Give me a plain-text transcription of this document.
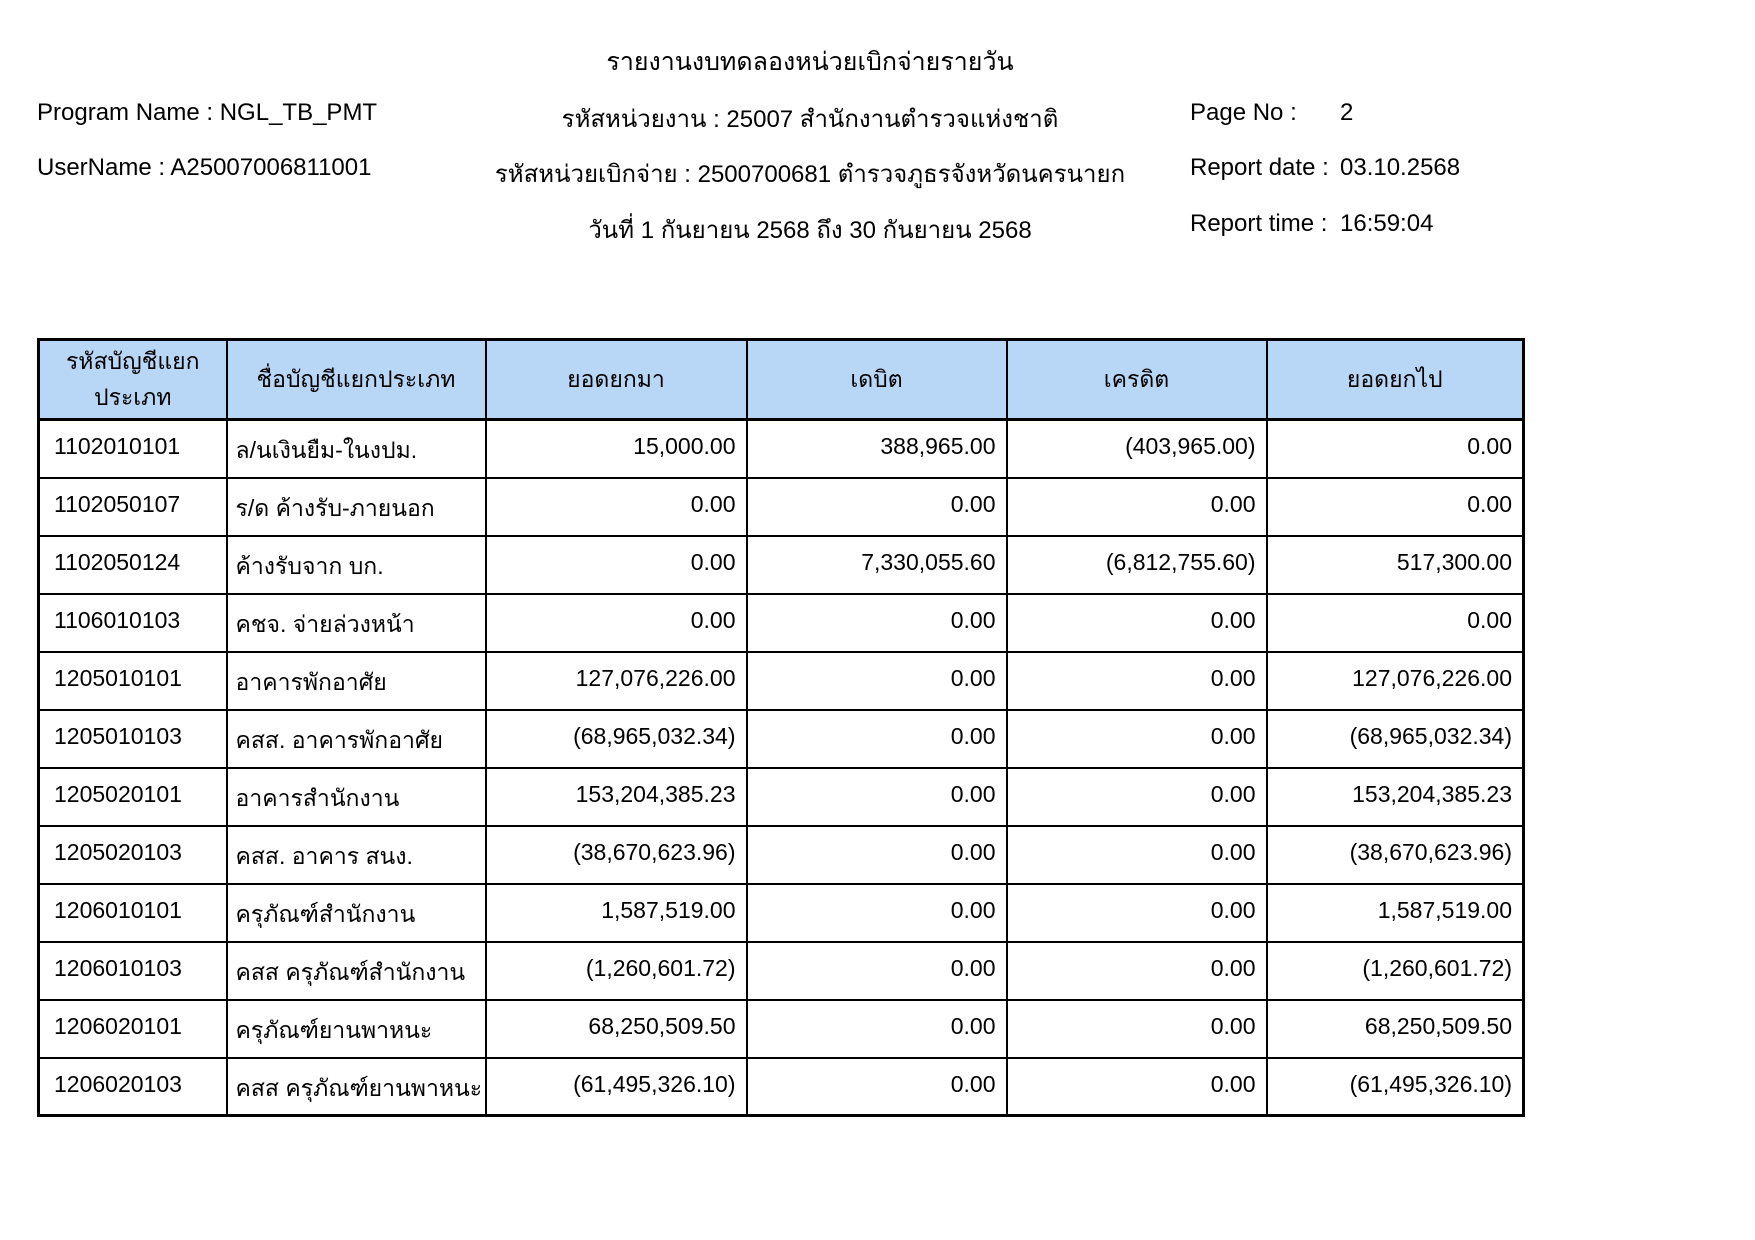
รายงานงบทดลองหน่วยเบิกจ่ายรายวัน
Program Name : NGL_TB_PMT	รหัสหน่วยงาน : 25007 สำนักงานตำรวจแห่งชาติ	Page No : 2
UserName : A25007006811001	รหัสหน่วยเบิกจ่าย : 2500700681 ตำรวจภูธรจังหวัดนครนายก	Report date : 03.10.2568
วันที่ 1 กันยายน 2568 ถึง 30 กันยายน 2568	Report time : 16:59:04
รหัสบัญชีแยกประเภท	ชื่อบัญชีแยกประเภท	ยอดยกมา	เดบิต	เครดิต	ยอดยกไป
1102010101	ล/นเงินยืม-ในงปม.	15,000.00	388,965.00	(403,965.00)	0.00
1102050107	ร/ด ค้างรับ-ภายนอก	0.00	0.00	0.00	0.00
1102050124	ค้างรับจาก บก.	0.00	7,330,055.60	(6,812,755.60)	517,300.00
1106010103	คชจ. จ่ายล่วงหน้า	0.00	0.00	0.00	0.00
1205010101	อาคารพักอาศัย	127,076,226.00	0.00	0.00	127,076,226.00
1205010103	คสส. อาคารพักอาศัย	(68,965,032.34)	0.00	0.00	(68,965,032.34)
1205020101	อาคารสำนักงาน	153,204,385.23	0.00	0.00	153,204,385.23
1205020103	คสส. อาคาร สนง.	(38,670,623.96)	0.00	0.00	(38,670,623.96)
1206010101	ครุภัณฑ์สำนักงาน	1,587,519.00	0.00	0.00	1,587,519.00
1206010103	คสส ครุภัณฑ์สำนักงาน	(1,260,601.72)	0.00	0.00	(1,260,601.72)
1206020101	ครุภัณฑ์ยานพาหนะ	68,250,509.50	0.00	0.00	68,250,509.50
1206020103	คสส ครุภัณฑ์ยานพาหนะ	(61,495,326.10)	0.00	0.00	(61,495,326.10)
